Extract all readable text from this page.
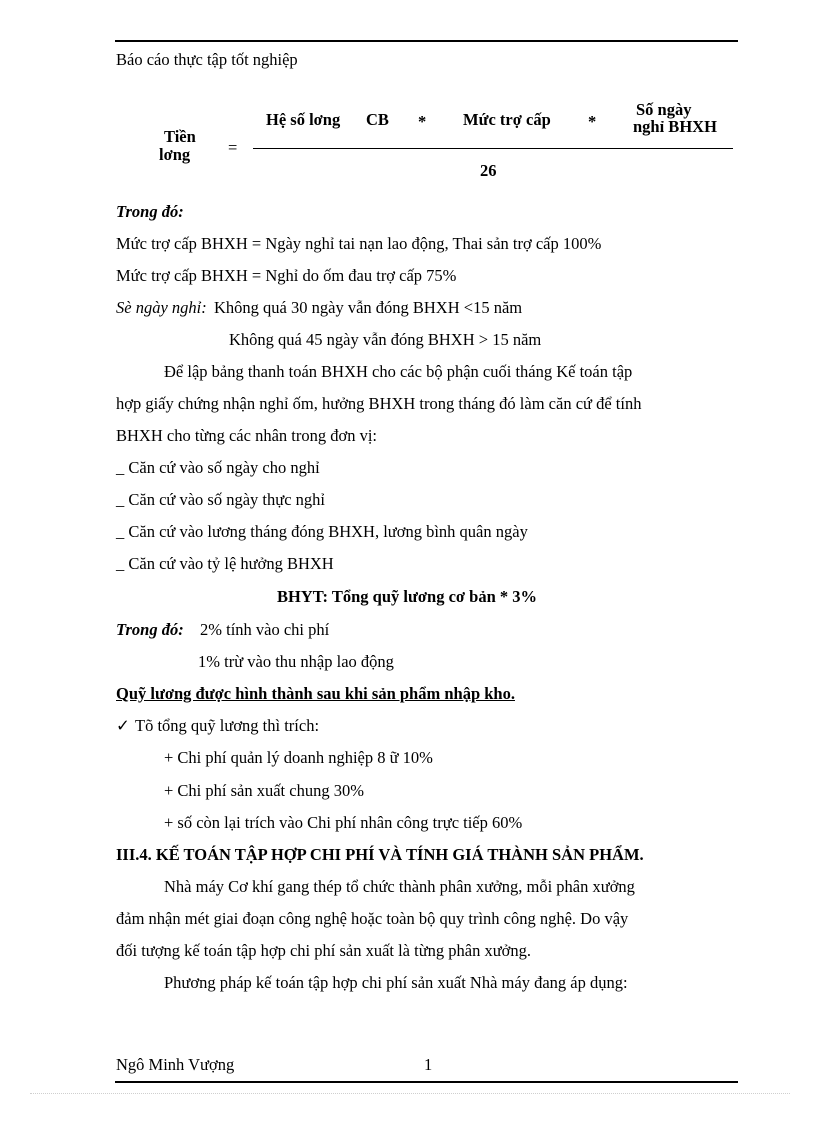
Báo cáo thực tập tốt nghiệp
Tiền
lơng =
Hệ số lơng CB * Mức trợ cấp *
Số ngày
nghỉ BHXH
26
Trong đó:
Mức trợ cấp BHXH = Ngày nghỉ tai nạn lao động, Thai sản trợ cấp 100%
Mức trợ cấp BHXH = Nghỉ do ốm đau trợ cấp 75%
Sè ngày nghỉ: Không quá 30 ngày vẫn đóng BHXH <15 năm
Không quá 45 ngày vẫn đóng BHXH > 15 năm
Để lập bảng thanh toán BHXH cho các bộ phận cuối tháng Kế toán tập
hợp giấy chứng nhận nghỉ ốm, hưởng BHXH trong tháng đó làm căn cứ để tính
BHXH cho từng các nhân trong đơn vị:
_ Căn cứ vào số ngày cho nghỉ
_ Căn cứ vào số ngày thực nghỉ
_ Căn cứ vào lương tháng đóng BHXH, lương bình quân ngày
_ Căn cứ vào tỷ lệ hưởng BHXH
BHYT: Tổng quỹ lương cơ bản * 3%
Trong đó: 2% tính vào chi phí
1% trừ vào thu nhập lao động
Quỹ lương được hình thành sau khi sản phẩm nhập kho.
✓ Tõ tổng quỹ lương thì trích:
+ Chi phí quản lý doanh nghiệp 8 ữ 10%
+ Chi phí sản xuất chung 30%
+ số còn lại trích vào Chi phí nhân công trực tiếp 60%
III.4. KẾ TOÁN TẬP HỢP CHI PHÍ VÀ TÍNH GIÁ THÀNH SẢN PHẨM.
Nhà máy Cơ khí gang thép tổ chức thành phân xưởng, mỗi phân xưởng
đảm nhận mét giai đoạn công nghệ hoặc toàn bộ quy trình công nghệ. Do vậy
đối tượng kế toán tập hợp chi phí sản xuất là từng phân xưởng.
Phương pháp kế toán tập hợp chi phí sản xuất Nhà máy đang áp dụng:
Ngô Minh Vượng	1
